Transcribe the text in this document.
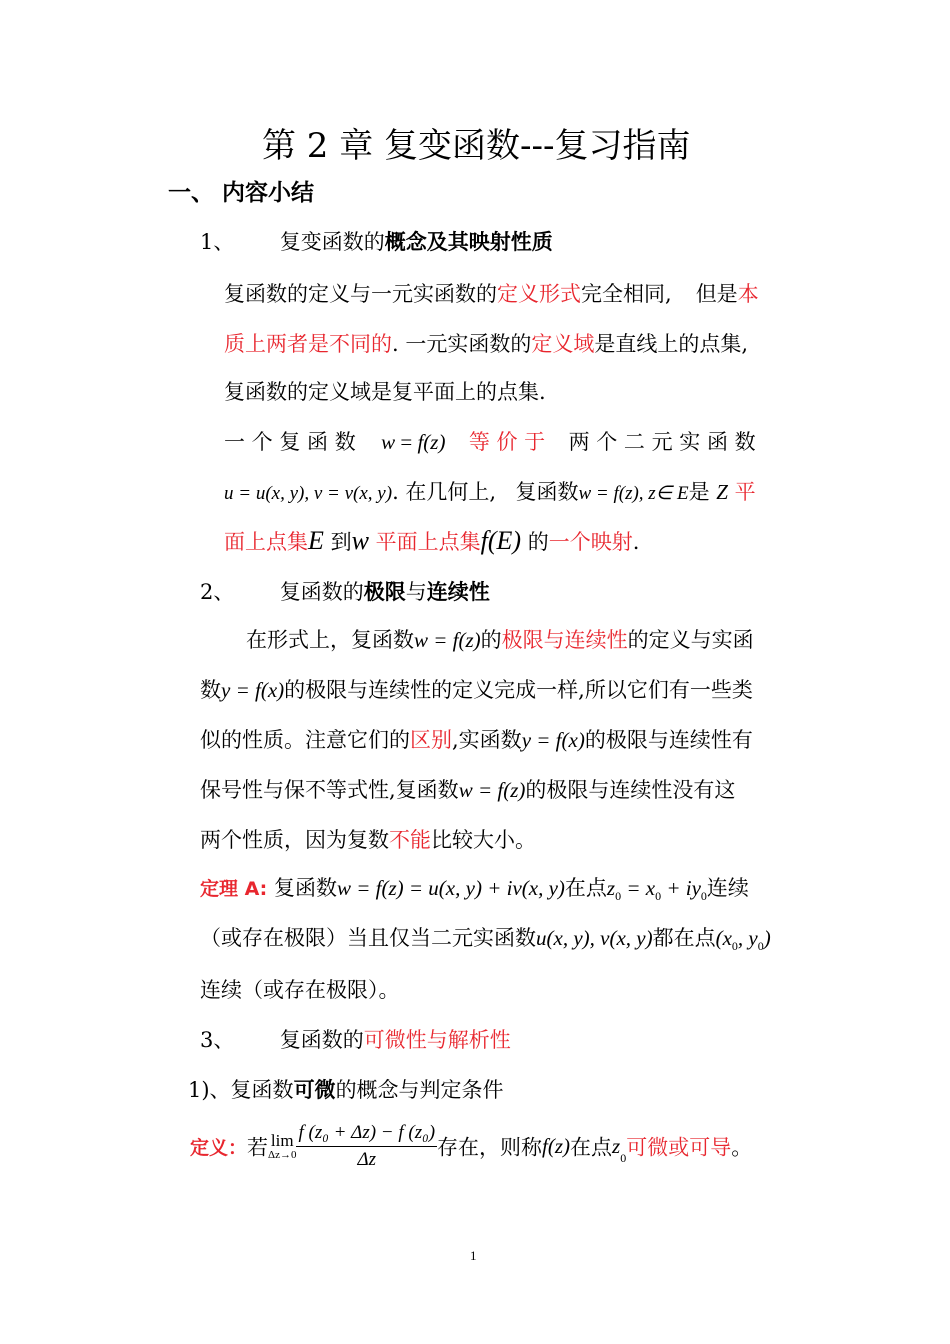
第 2 章 复变函数---复习指南
一、 内容小结
1、 复变函数的概念及其映射性质
复函数的定义与一元实函数的定义形式完全相同, 但是本
质上两者是不同的. 一元实函数的定义域是直线上的点集,
复函数的定义域是复平面上的点集.
一 个 复 函 数 w = f(z) 等 价 于 两 个 二 元 实 函 数
u = u(x, y), v = v(x, y). 在几何上, 复函数w = f(z), z∈ E是 Z 平
面上点集E 到w 平面上点集f(E) 的一个映射.
2、 复函数的极限与连续性
在形式上，复函数w = f(z)的极限与连续性的定义与实函
数y = f(x)的极限与连续性的定义完成一样,所以它们有一些类
似的性质。注意它们的区别,实函数y = f(x)的极限与连续性有
保号性与保不等式性,复函数w = f(z)的极限与连续性没有这
两个性质，因为复数不能比较大小。
定理 A: 复函数w = f(z) = u(x, y) + iv(x, y)在点$z_0 = x_0 + iy_0$连续
（或存在极限）当且仅当二元实函数u(x, y), v(x, y)都在点($x_0$, $y_0$)
连续（或存在极限）。
3、 复函数的可微性与解析性
1)、复函数可微的概念与判定条件
定义：若 lim
$\Delta z\to 0 \frac{\text{f (z₀ + Δz) − f (z₀)}}{\Delta z}$ 存在，则称f(z)在点$z_0$可微或可导。
1
